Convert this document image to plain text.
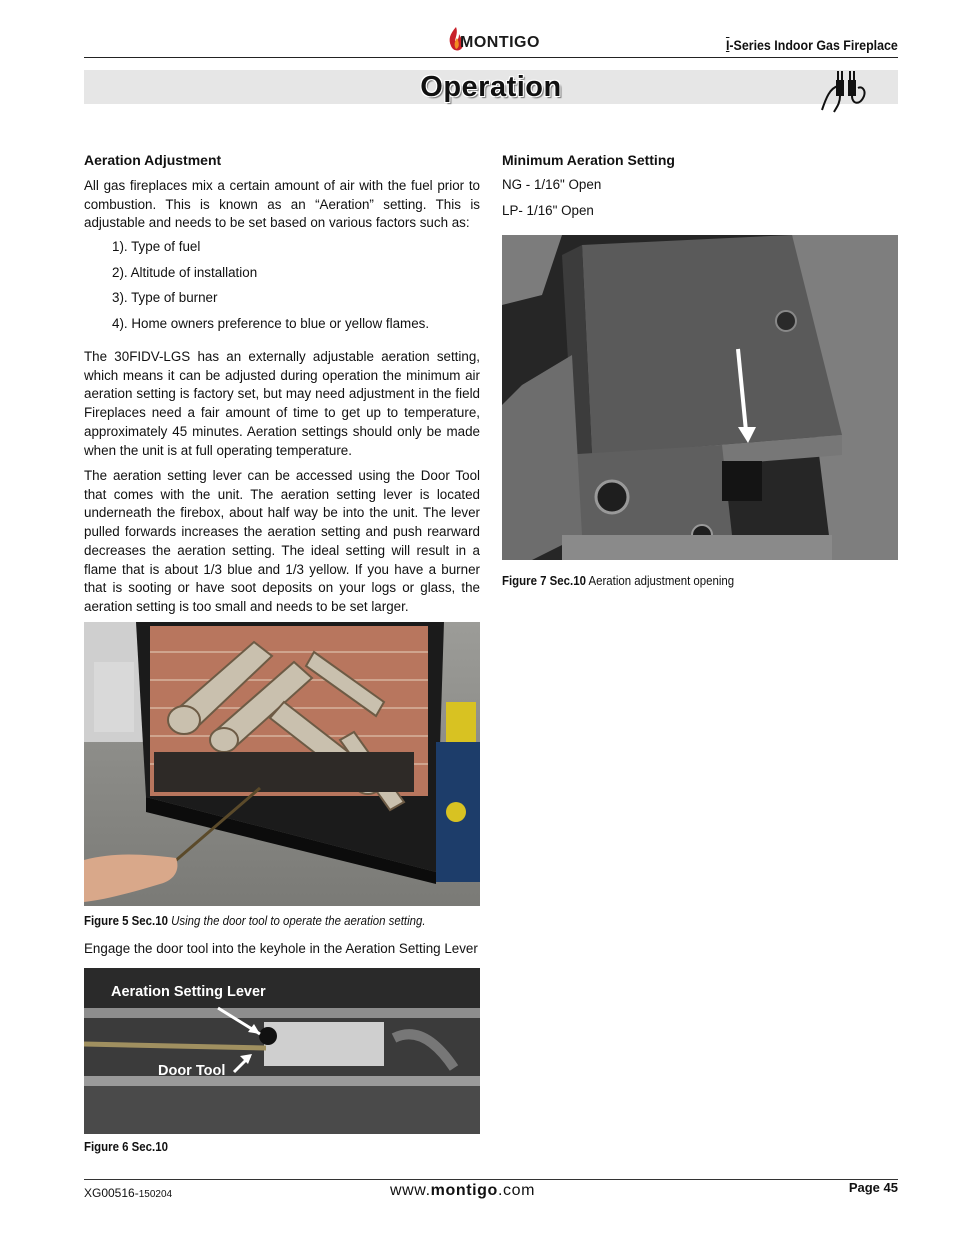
MONTIGO	I-Series Indoor Gas Fireplace
Operation
Aeration Adjustment
All gas fireplaces mix a certain amount of air with the fuel prior to combustion. This is known as an “Aeration” setting. This is adjustable and needs to be set based on various factors such as:
1). Type of fuel
2). Altitude of installation
3). Type of burner
4). Home owners preference to blue or yellow flames.
The 30FIDV-LGS has an externally adjustable aeration setting, which means it can be adjusted during operation the minimum air aeration setting is factory set, but may need adjustment in the field Fireplaces need a fair amount of time to get up to temperature, approximately 45 minutes. Aeration settings should only be made when the unit is at full operating temperature.
The aeration setting lever can be accessed using the Door Tool that comes with the unit. The aeration setting lever is located underneath the firebox, about half way be into the unit. The lever pulled forwards increases the aeration setting and push rearward decreases the aeration setting. The ideal setting will result in a flame that is about 1/3 blue and 1/3 yellow. If you have a burner that is sooting or have soot deposits on your logs or glass, the aeration setting is too small and needs to be set larger.
Figure 5 Sec.10 Using the door tool to operate the aeration setting.
Engage the door tool into the keyhole in the Aeration Setting Lever
Aeration Setting Lever
Door Tool
Figure 6 Sec.10
Minimum Aeration Setting
NG - 1/16" Open
LP- 1/16" Open
Figure 7 Sec.10 Aeration adjustment opening
XG00516-150204	www.montigo.com	Page 45
